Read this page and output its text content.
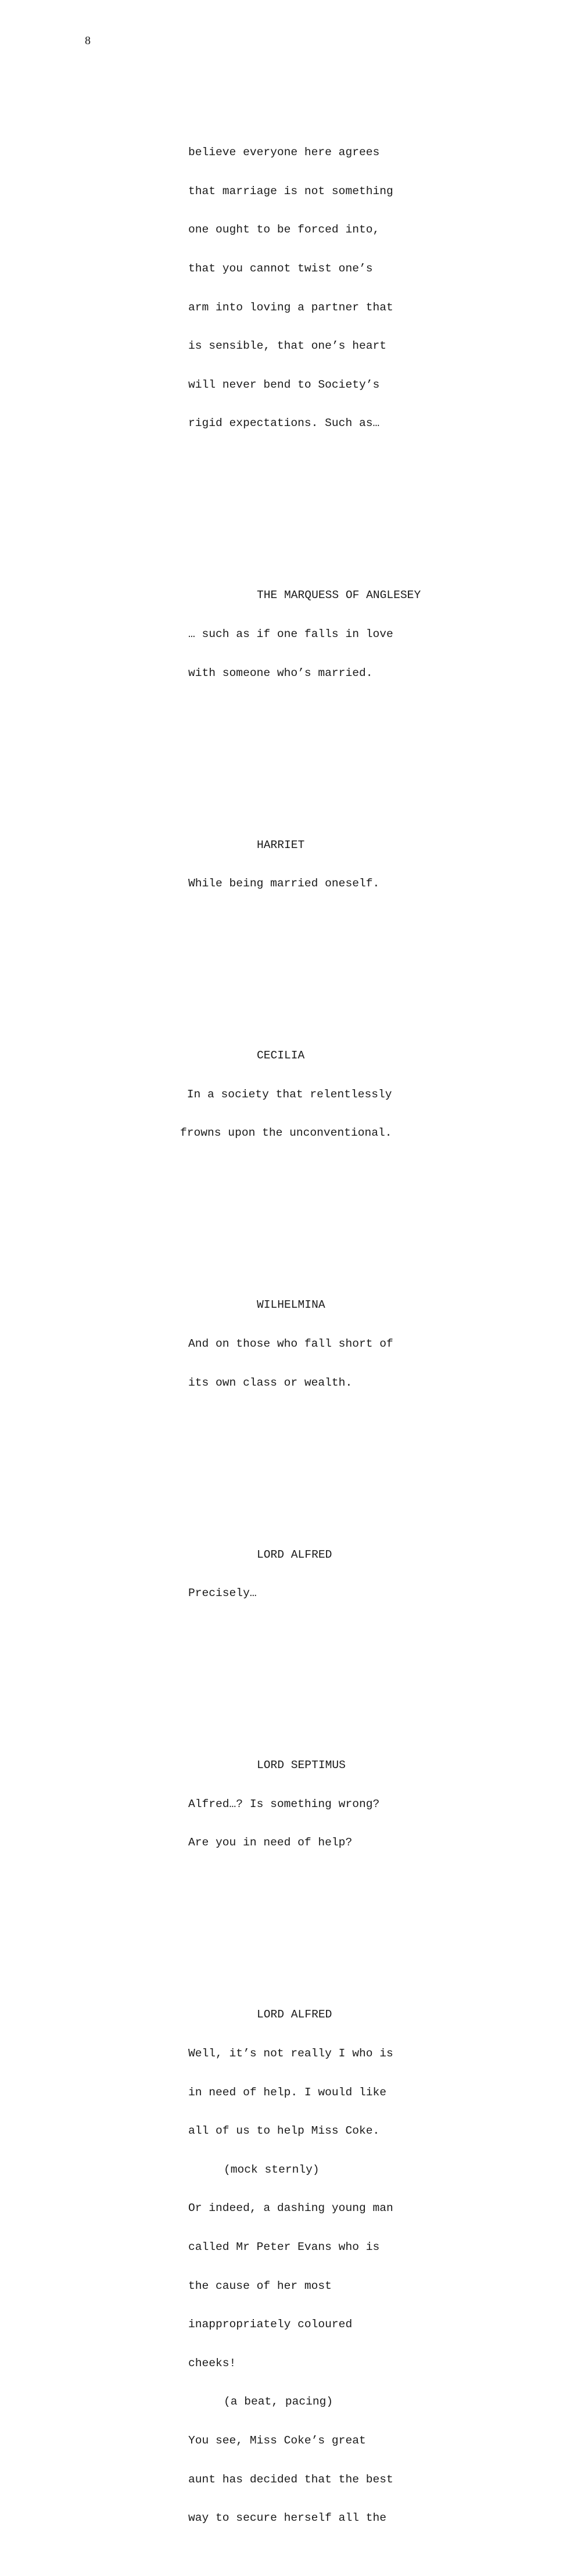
8

believe everyone here agrees

that marriage is not something

one ought to be forced into,

that you cannot twist one’s

arm into loving a partner that

is sensible, that one’s heart

will never bend to Society’s

rigid expectations. Such as…

THE MARQUESS OF ANGLESEY

… such as if one falls in love

with someone who’s married.

HARRIET

While being married oneself.

CECILIA

In a society that relentlessly

frowns upon the unconventional.

WILHELMINA

And on those who fall short of

its own class or wealth.

LORD ALFRED

Precisely…

LORD SEPTIMUS

Alfred…? Is something wrong?

Are you in need of help?

LORD ALFRED

Well, it’s not really I who is

in need of help. I would like

all of us to help Miss Coke.

(mock sternly)

Or indeed, a dashing young man

called Mr Peter Evans who is

the cause of her most

inappropriately coloured

cheeks!

(a beat, pacing)

You see, Miss Coke’s great

aunt has decided that the best

way to secure herself all the
